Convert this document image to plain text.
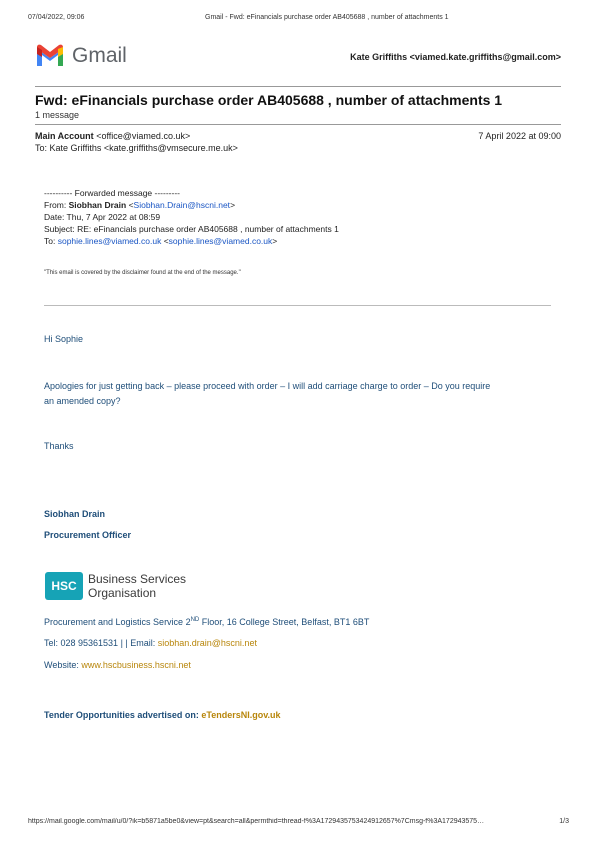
07/04/2022, 09:06	Gmail - Fwd: eFinancials purchase order AB405688 , number of attachments 1
Gmail	Kate Griffiths <viamed.kate.griffiths@gmail.com>
Fwd: eFinancials purchase order AB405688 , number of attachments 1
1 message
Main Account <office@viamed.co.uk>	7 April 2022 at 09:00
To: Kate Griffiths <kate.griffiths@vmsecure.me.uk>
---------- Forwarded message ---------
From: Siobhan Drain <Siobhan.Drain@hscni.net>
Date: Thu, 7 Apr 2022 at 08:59
Subject: RE: eFinancials purchase order AB405688 , number of attachments 1
To: sophie.lines@viamed.co.uk <sophie.lines@viamed.co.uk>
"This email is covered by the disclaimer found at the end of the message."
Hi Sophie
Apologies for just getting back – please proceed with order – I will add carriage charge to order – Do you require
an amended copy?
Thanks
Siobhan Drain
Procurement Officer
HSC Business Services
Organisation
Procurement and Logistics Service 2ND Floor, 16 College Street, Belfast, BT1 6BT
Tel: 028 95361531 | | Email: siobhan.drain@hscni.net
Website: www.hscbusiness.hscni.net
Tender Opportunities advertised on: eTendersNI.gov.uk
https://mail.google.com/mail/u/0/?ik=b5871a5be0&view=pt&search=all&permthid=thread-f%3A1729435753424912657%7Cmsg-f%3A172943575…	1/3
